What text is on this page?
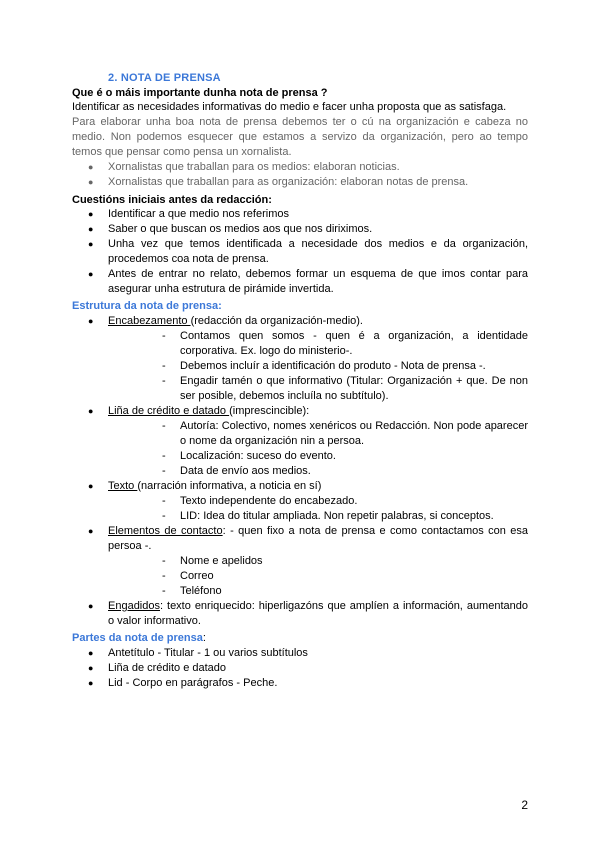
2. NOTA DE PRENSA

Que é o máis importante dunha nota de prensa ?

Identificar as necesidades informativas do medio e facer unha proposta que as satisfaga.

Para elaborar unha boa nota de prensa debemos ter o cú na organización e cabeza no medio. Non podemos esquecer que estamos a servizo da organización, pero ao tempo temos que pensar como pensa un xornalista.

● Xornalistas que traballan para os medios: elaboran noticias.
● Xornalistas que traballan para as organización: elaboran notas de prensa.

Cuestións iniciais antes da redacción:

● Identificar a que medio nos referimos
● Saber o que buscan os medios aos que nos diriximos.
● Unha vez que temos identificada a necesidade dos medios e da organización, procedemos coa nota de prensa.
● Antes de entrar no relato, debemos formar un esquema de que imos contar para asegurar unha estrutura de pirámide invertida.

Estrutura da nota de prensa:

● Encabezamento (redacción da organización-medio).
- Contamos quen somos - quen é a organización, a identidade corporativa. Ex. logo do ministerio-.
- Debemos incluír a identificación do produto - Nota de prensa -.
- Engadir tamén o que informativo (Titular: Organización + que. De non ser posible, debemos incluíla no subtítulo).
● Liña de crédito e datado (imprescincible):
- Autoría: Colectivo, nomes xenéricos ou Redacción. Non pode aparecer o nome da organización nin a persoa.
- Localización: suceso do evento.
- Data de envío aos medios.
● Texto (narración informativa, a noticia en sí)
- Texto independente do encabezado.
- LID: Idea do titular ampliada. Non repetir palabras, si conceptos.
● Elementos de contacto: - quen fixo a nota de prensa e como contactamos con esa persoa -.
- Nome e apelidos
- Correo
- Teléfono
● Engadidos: texto enriquecido: hiperligazóns que amplíen a información, aumentando o valor informativo.

Partes da nota de prensa:

● Antetítulo - Titular - 1 ou varios subtítulos
● Liña de crédito e datado
● Lid - Corpo en parágrafos - Peche.
2
